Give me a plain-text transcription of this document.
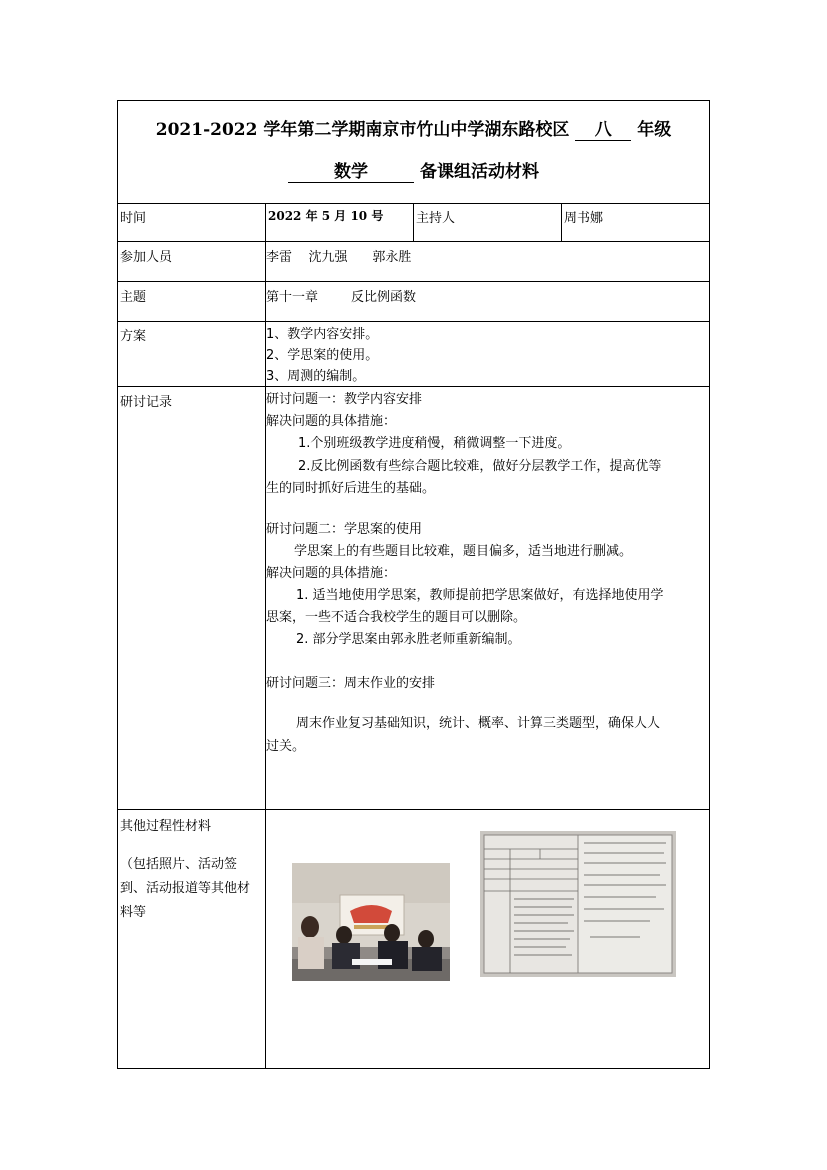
2021-2022 学年第二学期南京市竹山中学湖东路校区 八 年级
数学	备课组活动材料
时间	2022 年 5 月 10 号	主持人	周书娜
参加人员	李雷    沈九强      郭永胜
主题	第十一章        反比例函数
方案	1、教学内容安排。
2、学思案的使用。
3、周测的编制。
研讨记录	研讨问题一：教学内容安排
解决问题的具体措施：
1.个别班级教学进度稍慢，稍微调整一下进度。
2.反比例函数有些综合题比较难，做好分层教学工作，提高优等
生的同时抓好后进生的基础。
研讨问题二：学思案的使用
学思案上的有些题目比较难，题目偏多，适当地进行删减。
解决问题的具体措施：
1. 适当地使用学思案，教师提前把学思案做好，有选择地使用学
思案，一些不适合我校学生的题目可以删除。
2. 部分学思案由郭永胜老师重新编制。
研讨问题三：周末作业的安排
周末作业复习基础知识，统计、概率、计算三类题型，确保人人
过关。
其他过程性材料
（包括照片、活动签
到、活动报道等其他材
料等
